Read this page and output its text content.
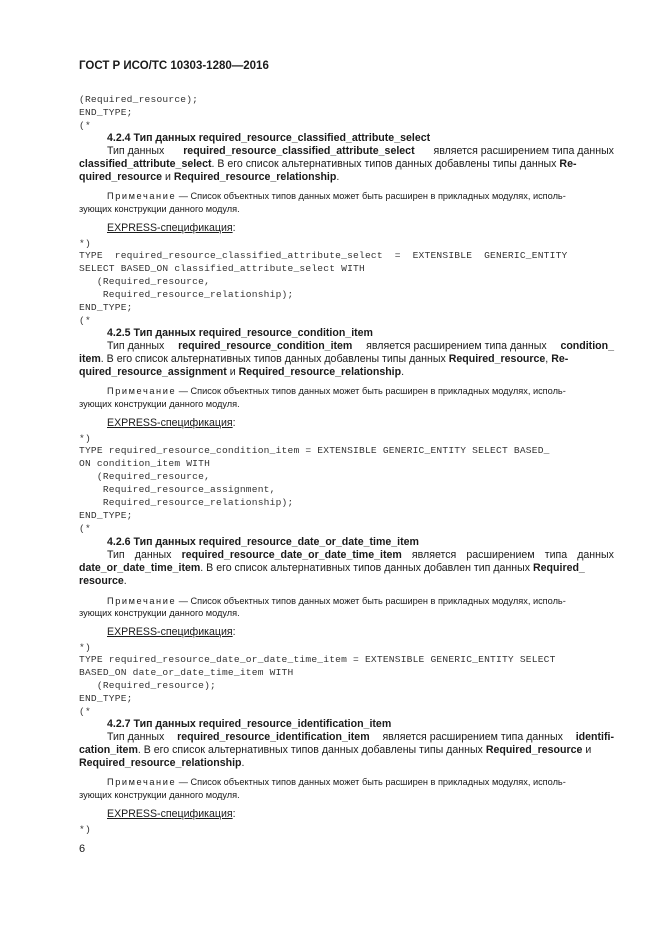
ГОСТ Р ИСО/ТС 10303-1280—2016
(Required_resource);
END_TYPE;
(*
4.2.4 Тип данных required_resource_classified_attribute_select
Тип данных required_resource_classified_attribute_select является расширением типа данных
classified_attribute_select. В его список альтернативных типов данных добавлены типы данных Re-
quired_resource и Required_resource_relationship.
Примечание — Список объектных типов данных может быть расширен в прикладных модулях, исполь-
зующих конструкции данного модуля.
EXPRESS-спецификация:
*)
TYPE  required_resource_classified_attribute_select  =  EXTENSIBLE  GENERIC_ENTITY
SELECT BASED_ON classified_attribute_select WITH
(Required_resource,
Required_resource_relationship);
END_TYPE;
(*
4.2.5 Тип данных required_resource_condition_item
Тип данных required_resource_condition_item является расширением типа данных condition_
item. В его список альтернативных типов данных добавлены типы данных Required_resource, Re-
quired_resource_assignment и Required_resource_relationship.
Примечание — Список объектных типов данных может быть расширен в прикладных модулях, исполь-
зующих конструкции данного модуля.
EXPRESS-спецификация:
*)
TYPE required_resource_condition_item = EXTENSIBLE GENERIC_ENTITY SELECT BASED_
ON condition_item WITH
(Required_resource,
Required_resource_assignment,
Required_resource_relationship);
END_TYPE;
(*
4.2.6 Тип данных required_resource_date_or_date_time_item
Тип данных required_resource_date_or_date_time_item является расширением типа данных
date_or_date_time_item. В его список альтернативных типов данных добавлен тип данных Required_
resource.
Примечание — Список объектных типов данных может быть расширен в прикладных модулях, исполь-
зующих конструкции данного модуля.
EXPRESS-спецификация:
*)
TYPE required_resource_date_or_date_time_item = EXTENSIBLE GENERIC_ENTITY SELECT
BASED_ON date_or_date_time_item WITH
(Required_resource);
END_TYPE;
(*
4.2.7 Тип данных required_resource_identification_item
Тип данных required_resource_identification_item является расширением типа данных identifi-
cation_item. В его список альтернативных типов данных добавлены типы данных Required_resource и
Required_resource_relationship.
Примечание — Список объектных типов данных может быть расширен в прикладных модулях, исполь-
зующих конструкции данного модуля.
EXPRESS-спецификация:
*)
6
